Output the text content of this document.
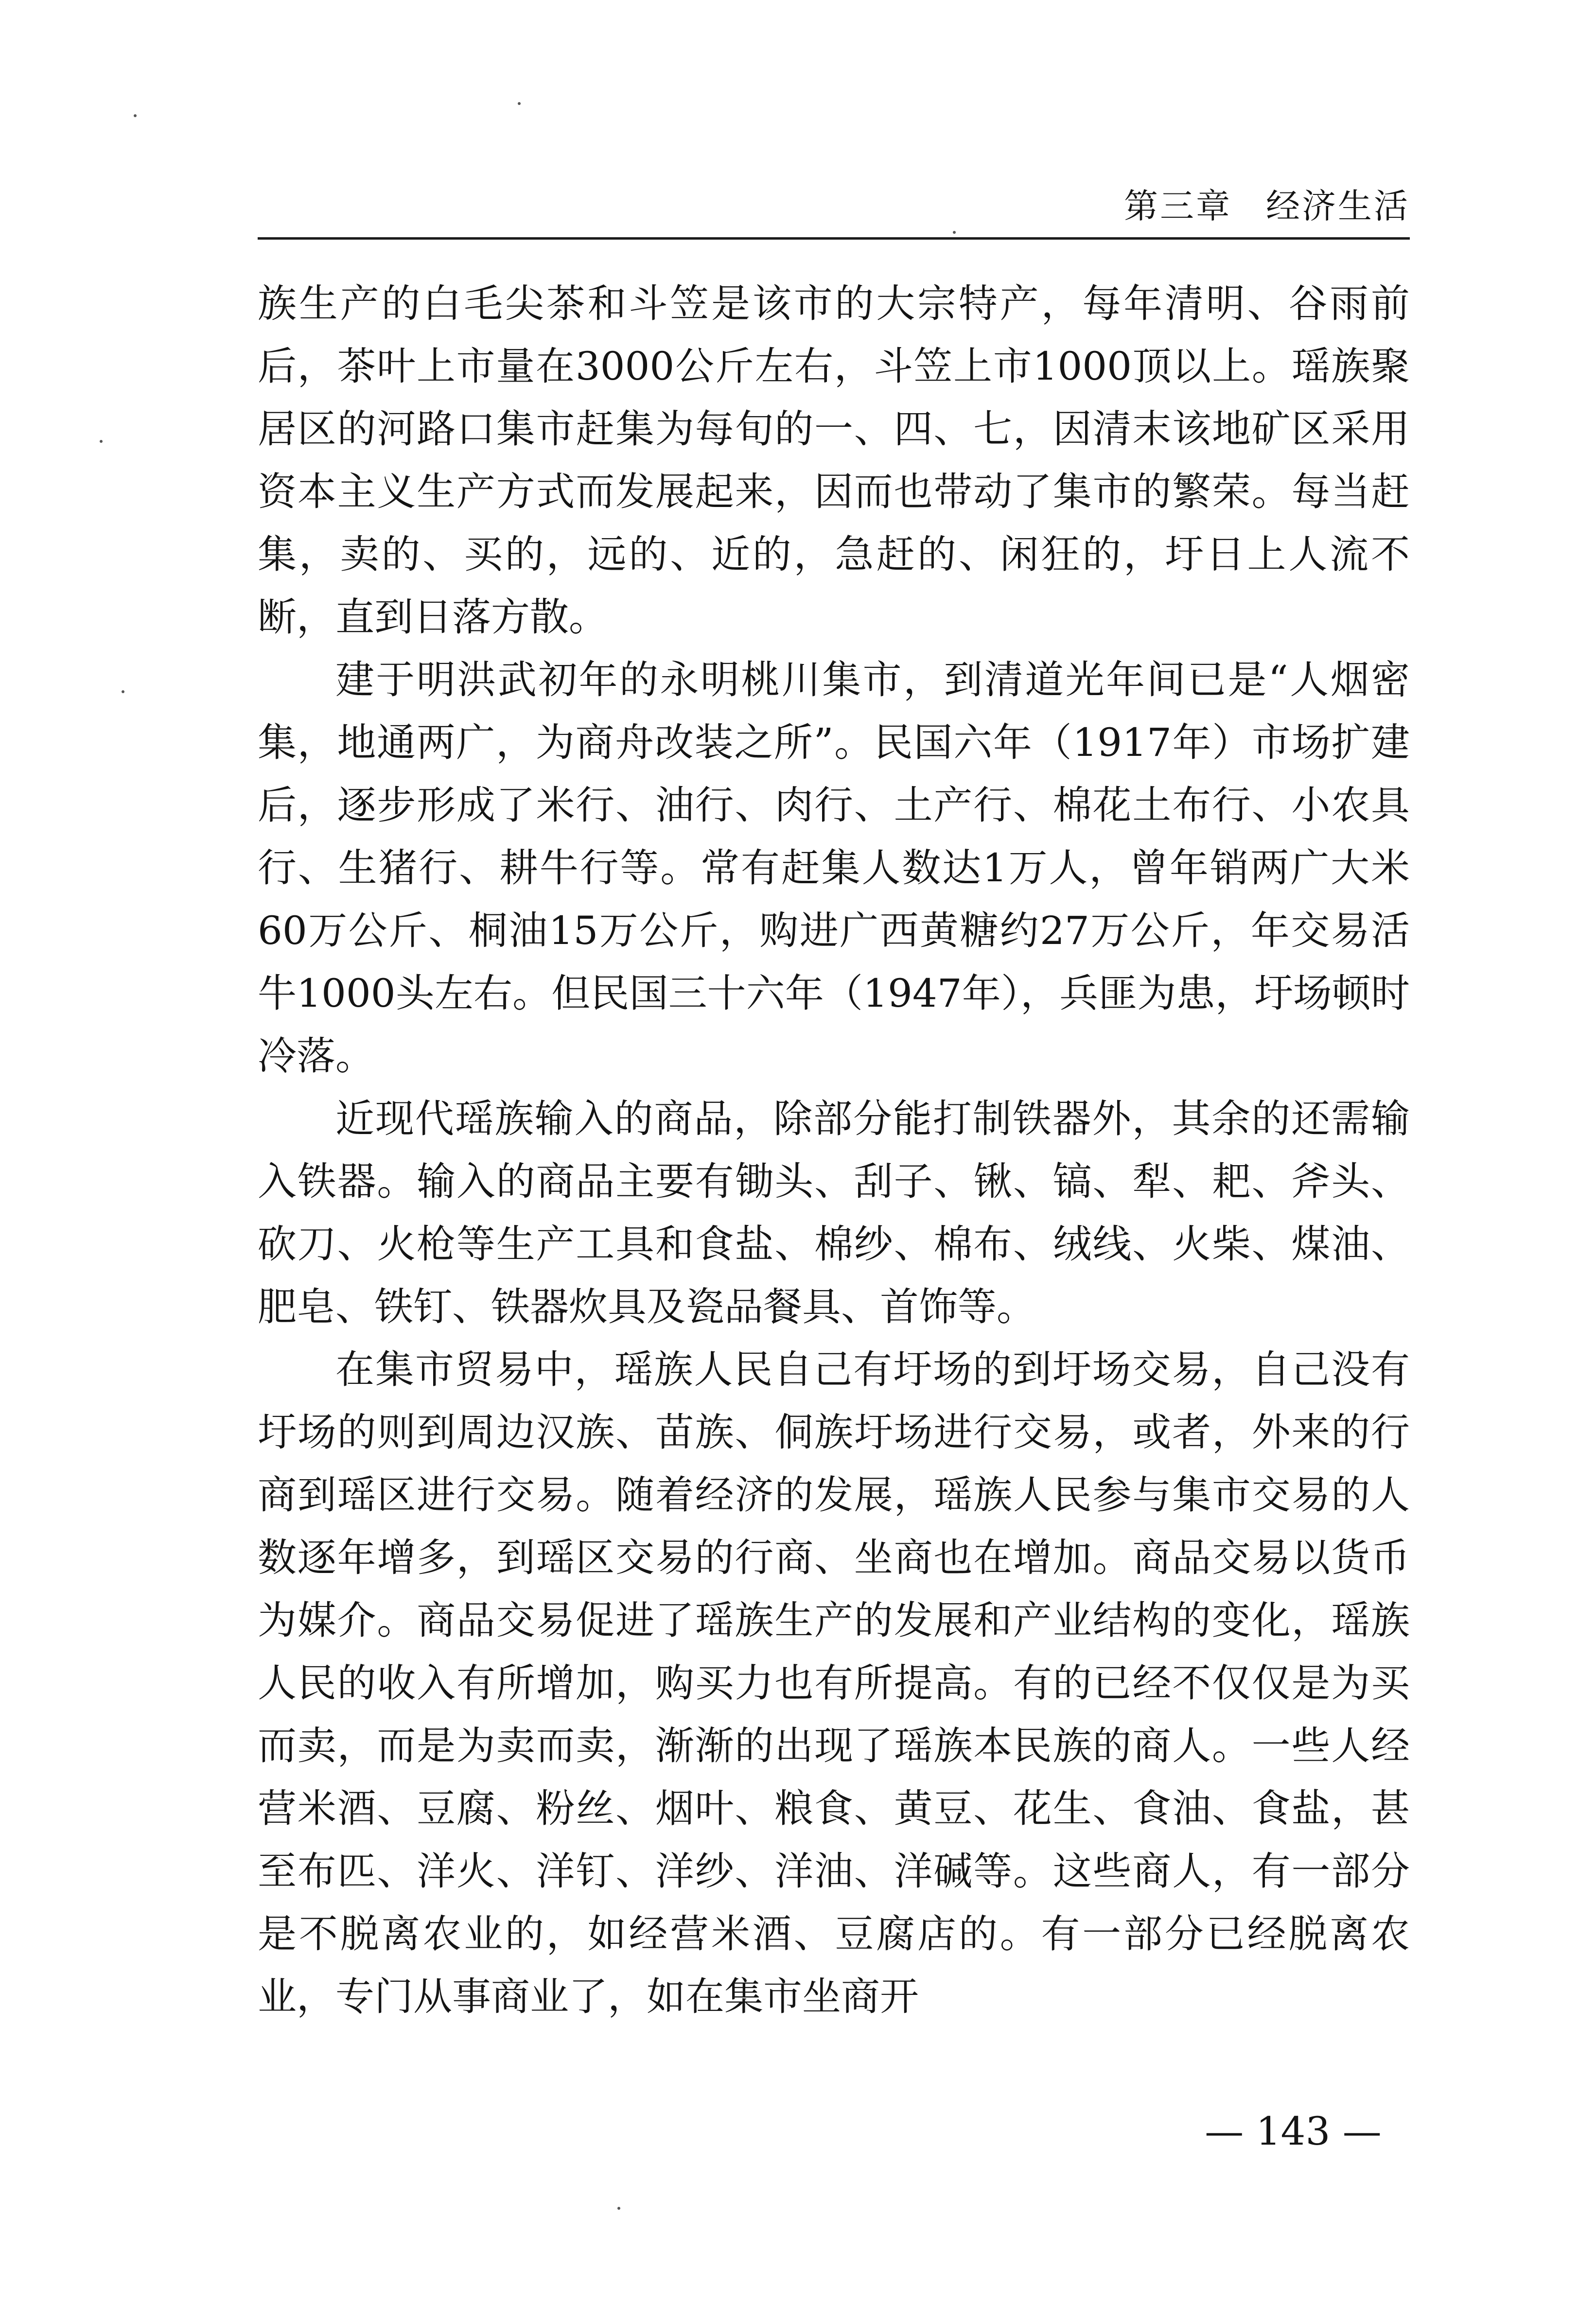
第三章 经济生活

族生产的白毛尖茶和斗笠是该市的大宗特产，每年清明、谷雨前后，茶叶上市量在3000公斤左右，斗笠上市1000顶以上。瑶族聚居区的河路口集市赶集为每旬的一、四、七，因清末该地矿区采用资本主义生产方式而发展起来，因而也带动了集市的繁荣。每当赶集，卖的、买的，远的、近的，急赶的、闲狂的，圩日上人流不断，直到日落方散。

建于明洪武初年的永明桃川集市，到清道光年间已是“人烟密集，地通两广，为商舟改装之所”。民国六年（1917年）市场扩建后，逐步形成了米行、油行、肉行、土产行、棉花土布行、小农具行、生猪行、耕牛行等。常有赶集人数达1万人，曾年销两广大米60万公斤、桐油15万公斤，购进广西黄糖约27万公斤，年交易活牛1000头左右。但民国三十六年（1947年），兵匪为患，圩场顿时冷落。

近现代瑶族输入的商品，除部分能打制铁器外，其余的还需输入铁器。输入的商品主要有锄头、刮子、锹、镐、犁、耙、斧头、砍刀、火枪等生产工具和食盐、棉纱、棉布、绒线、火柴、煤油、肥皂、铁钉、铁器炊具及瓷品餐具、首饰等。

在集市贸易中，瑶族人民自己有圩场的到圩场交易，自己没有圩场的则到周边汉族、苗族、侗族圩场进行交易，或者，外来的行商到瑶区进行交易。随着经济的发展，瑶族人民参与集市交易的人数逐年增多，到瑶区交易的行商、坐商也在增加。商品交易以货币为媒介。商品交易促进了瑶族生产的发展和产业结构的变化，瑶族人民的收入有所增加，购买力也有所提高。有的已经不仅仅是为买而卖，而是为卖而卖，渐渐的出现了瑶族本民族的商人。一些人经营米酒、豆腐、粉丝、烟叶、粮食、黄豆、花生、食油、食盐，甚至布匹、洋火、洋钉、洋纱、洋油、洋碱等。这些商人，有一部分是不脱离农业的，如经营米酒、豆腐店的。有一部分已经脱离农业，专门从事商业了，如在集市坐商开

— 143 —
